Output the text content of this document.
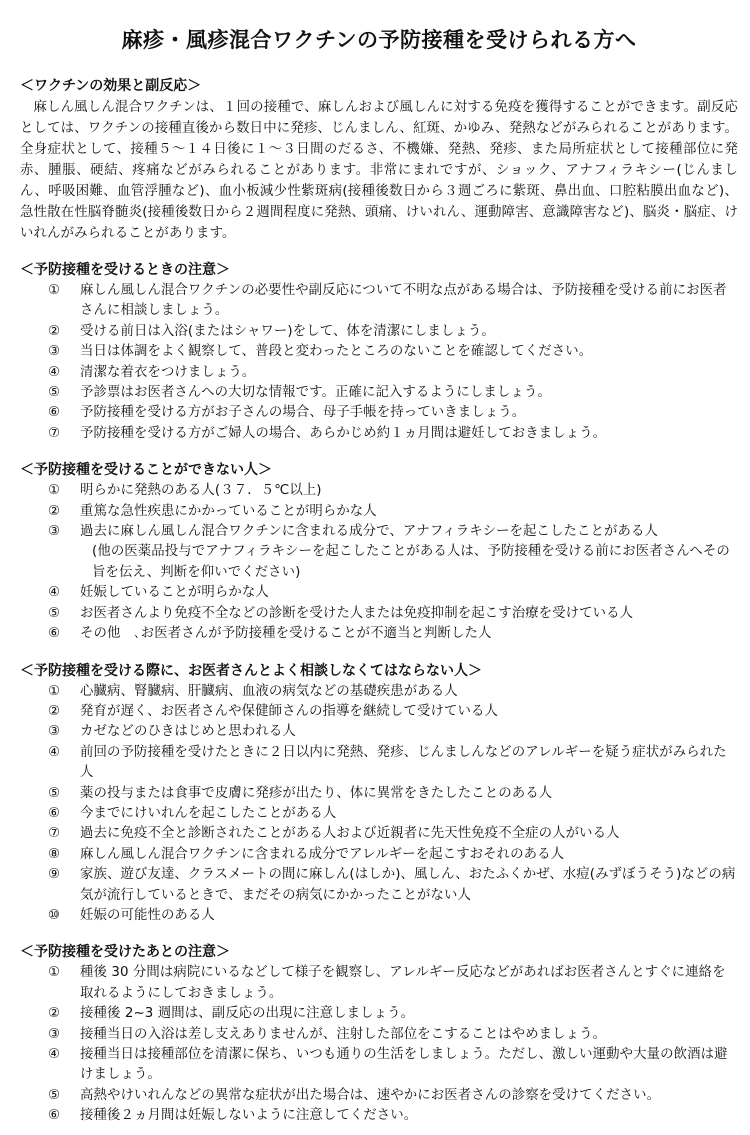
麻疹・風疹混合ワクチンの予防接種を受けられる方へ
＜ワクチンの効果と副反応＞

麻しん風しん混合ワクチンは、１回の接種で、麻しんおよび風しんに対する免疫を獲得することができます。副反応としては、ワクチンの接種直後から数日中に発疹、じんましん、紅斑、かゆみ、発熱などがみられることがあります。全身症状として、接種５～１４日後に１～３日間のだるさ、不機嫌、発熱、発疹、また局所症状として接種部位に発赤、腫脹、硬結、疼痛などがみられることがあります。非常にまれですが、ショック、アナフィラキシー(じんましん、呼吸困難、血管浮腫など)、血小板減少性紫斑病(接種後数日から３週ごろに紫斑、鼻出血、口腔粘膜出血など)、急性散在性脳脊髄炎(接種後数日から２週間程度に発熱、頭痛、けいれん、運動障害、意識障害など)、脳炎・脳症、けいれんがみられることがあります。

＜予防接種を受けるときの注意＞
①	麻しん風しん混合ワクチンの必要性や副反応について不明な点がある場合は、予防接種を受ける前にお医者さんに相談しましょう。
②	受ける前日は入浴(またはシャワー)をして、体を清潔にしましょう。
③	当日は体調をよく観察して、普段と変わったところのないことを確認してください。
④	清潔な着衣をつけましょう。
⑤	予診票はお医者さんへの大切な情報です。正確に記入するようにしましょう。
⑥	予防接種を受ける方がお子さんの場合、母子手帳を持っていきましょう。
⑦	予防接種を受ける方がご婦人の場合、あらかじめ約１ヵ月間は避妊しておきましょう。
＜予防接種を受けることができない人＞
①	明らかに発熱のある人(３７．５℃以上)
②	重篤な急性疾患にかかっていることが明らかな人
③	過去に麻しん風しん混合ワクチンに含まれる成分で、アナフィラキシーを起こしたことがある人
(他の医薬品投与でアナフィラキシーを起こしたことがある人は、予防接種を受ける前にお医者さんへその旨を伝え、判断を仰いでください)
④	妊娠していることが明らかな人
⑤	お医者さんより免疫不全などの診断を受けた人または免疫抑制を起こす治療を受けている人
⑥	その他　､お医者さんが予防接種を受けることが不適当と判断した人
＜予防接種を受ける際に、お医者さんとよく相談しなくてはならない人＞
①	心臓病、腎臓病、肝臓病、血液の病気などの基礎疾患がある人
②	発育が遅く、お医者さんや保健師さんの指導を継続して受けている人
③	カゼなどのひきはじめと思われる人
④	前回の予防接種を受けたときに２日以内に発熱、発疹、じんましんなどのアレルギーを疑う症状がみられた人
⑤	薬の投与または食事で皮膚に発疹が出たり、体に異常をきたしたことのある人
⑥	今までにけいれんを起こしたことがある人
⑦	過去に免疫不全と診断されたことがある人および近親者に先天性免疫不全症の人がいる人
⑧	麻しん風しん混合ワクチンに含まれる成分でアレルギーを起こすおそれのある人
⑨	家族、遊び友達、クラスメートの間に麻しん(はしか)、風しん、おたふくかぜ、水痘(みずぼうそう)などの病気が流行しているときで、まだその病気にかかったことがない人
⑩	妊娠の可能性のある人
＜予防接種を受けたあとの注意＞
①	種後 30 分間は病院にいるなどして様子を観察し、アレルギー反応などがあればお医者さんとすぐに連絡を取れるようにしておきましょう。
②	接種後 2~3 週間は、副反応の出現に注意しましょう。
③	接種当日の入浴は差し支えありませんが、注射した部位をこすることはやめましょう。
④	接種当日は接種部位を清潔に保ち、いつも通りの生活をしましょう。ただし、激しい運動や大量の飲酒は避けましょう。
⑤	高熱やけいれんなどの異常な症状が出た場合は、速やかにお医者さんの診察を受けてください。
⑥	接種後２ヵ月間は妊娠しないように注意してください。
